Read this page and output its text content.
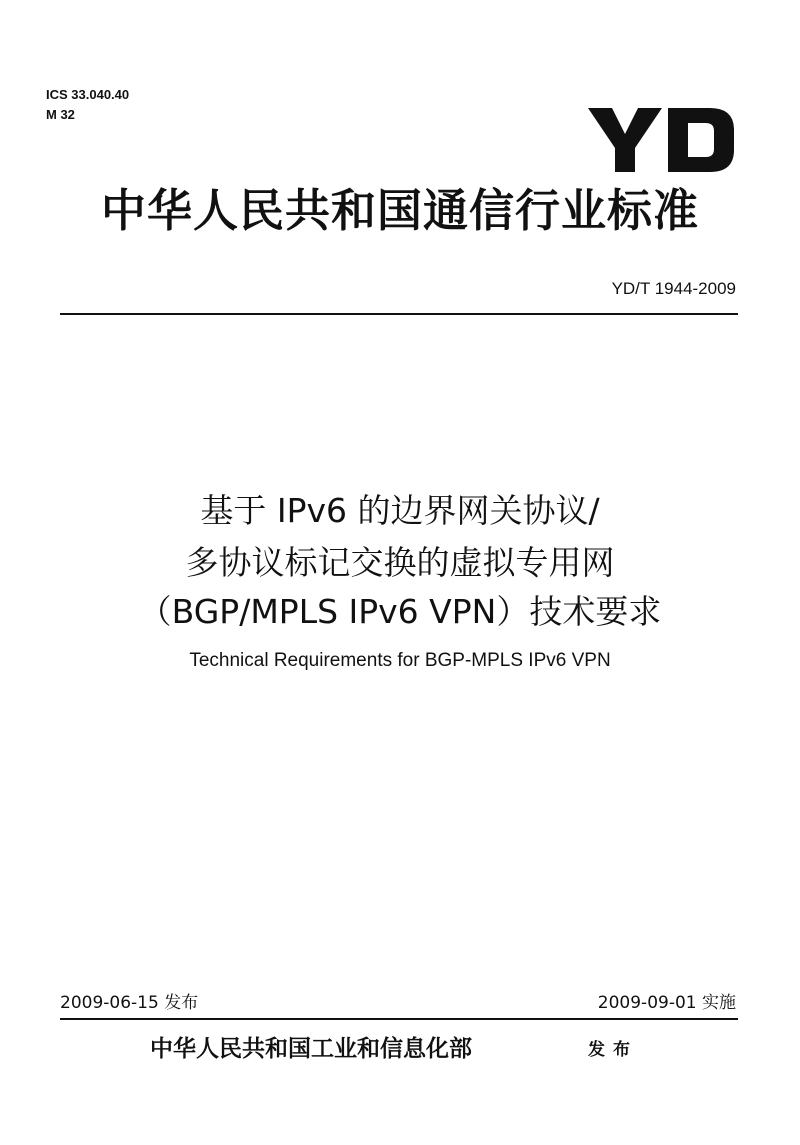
ICS 33.040.40
M 32
中华人民共和国通信行业标准
YD/T 1944-2009
基于 IPv6 的边界网关协议/
多协议标记交换的虚拟专用网
（BGP/MPLS IPv6 VPN）技术要求
Technical Requirements for BGP-MPLS IPv6 VPN
2009-06-15 发布	2009-09-01 实施
中华人民共和国工业和信息化部	发布
